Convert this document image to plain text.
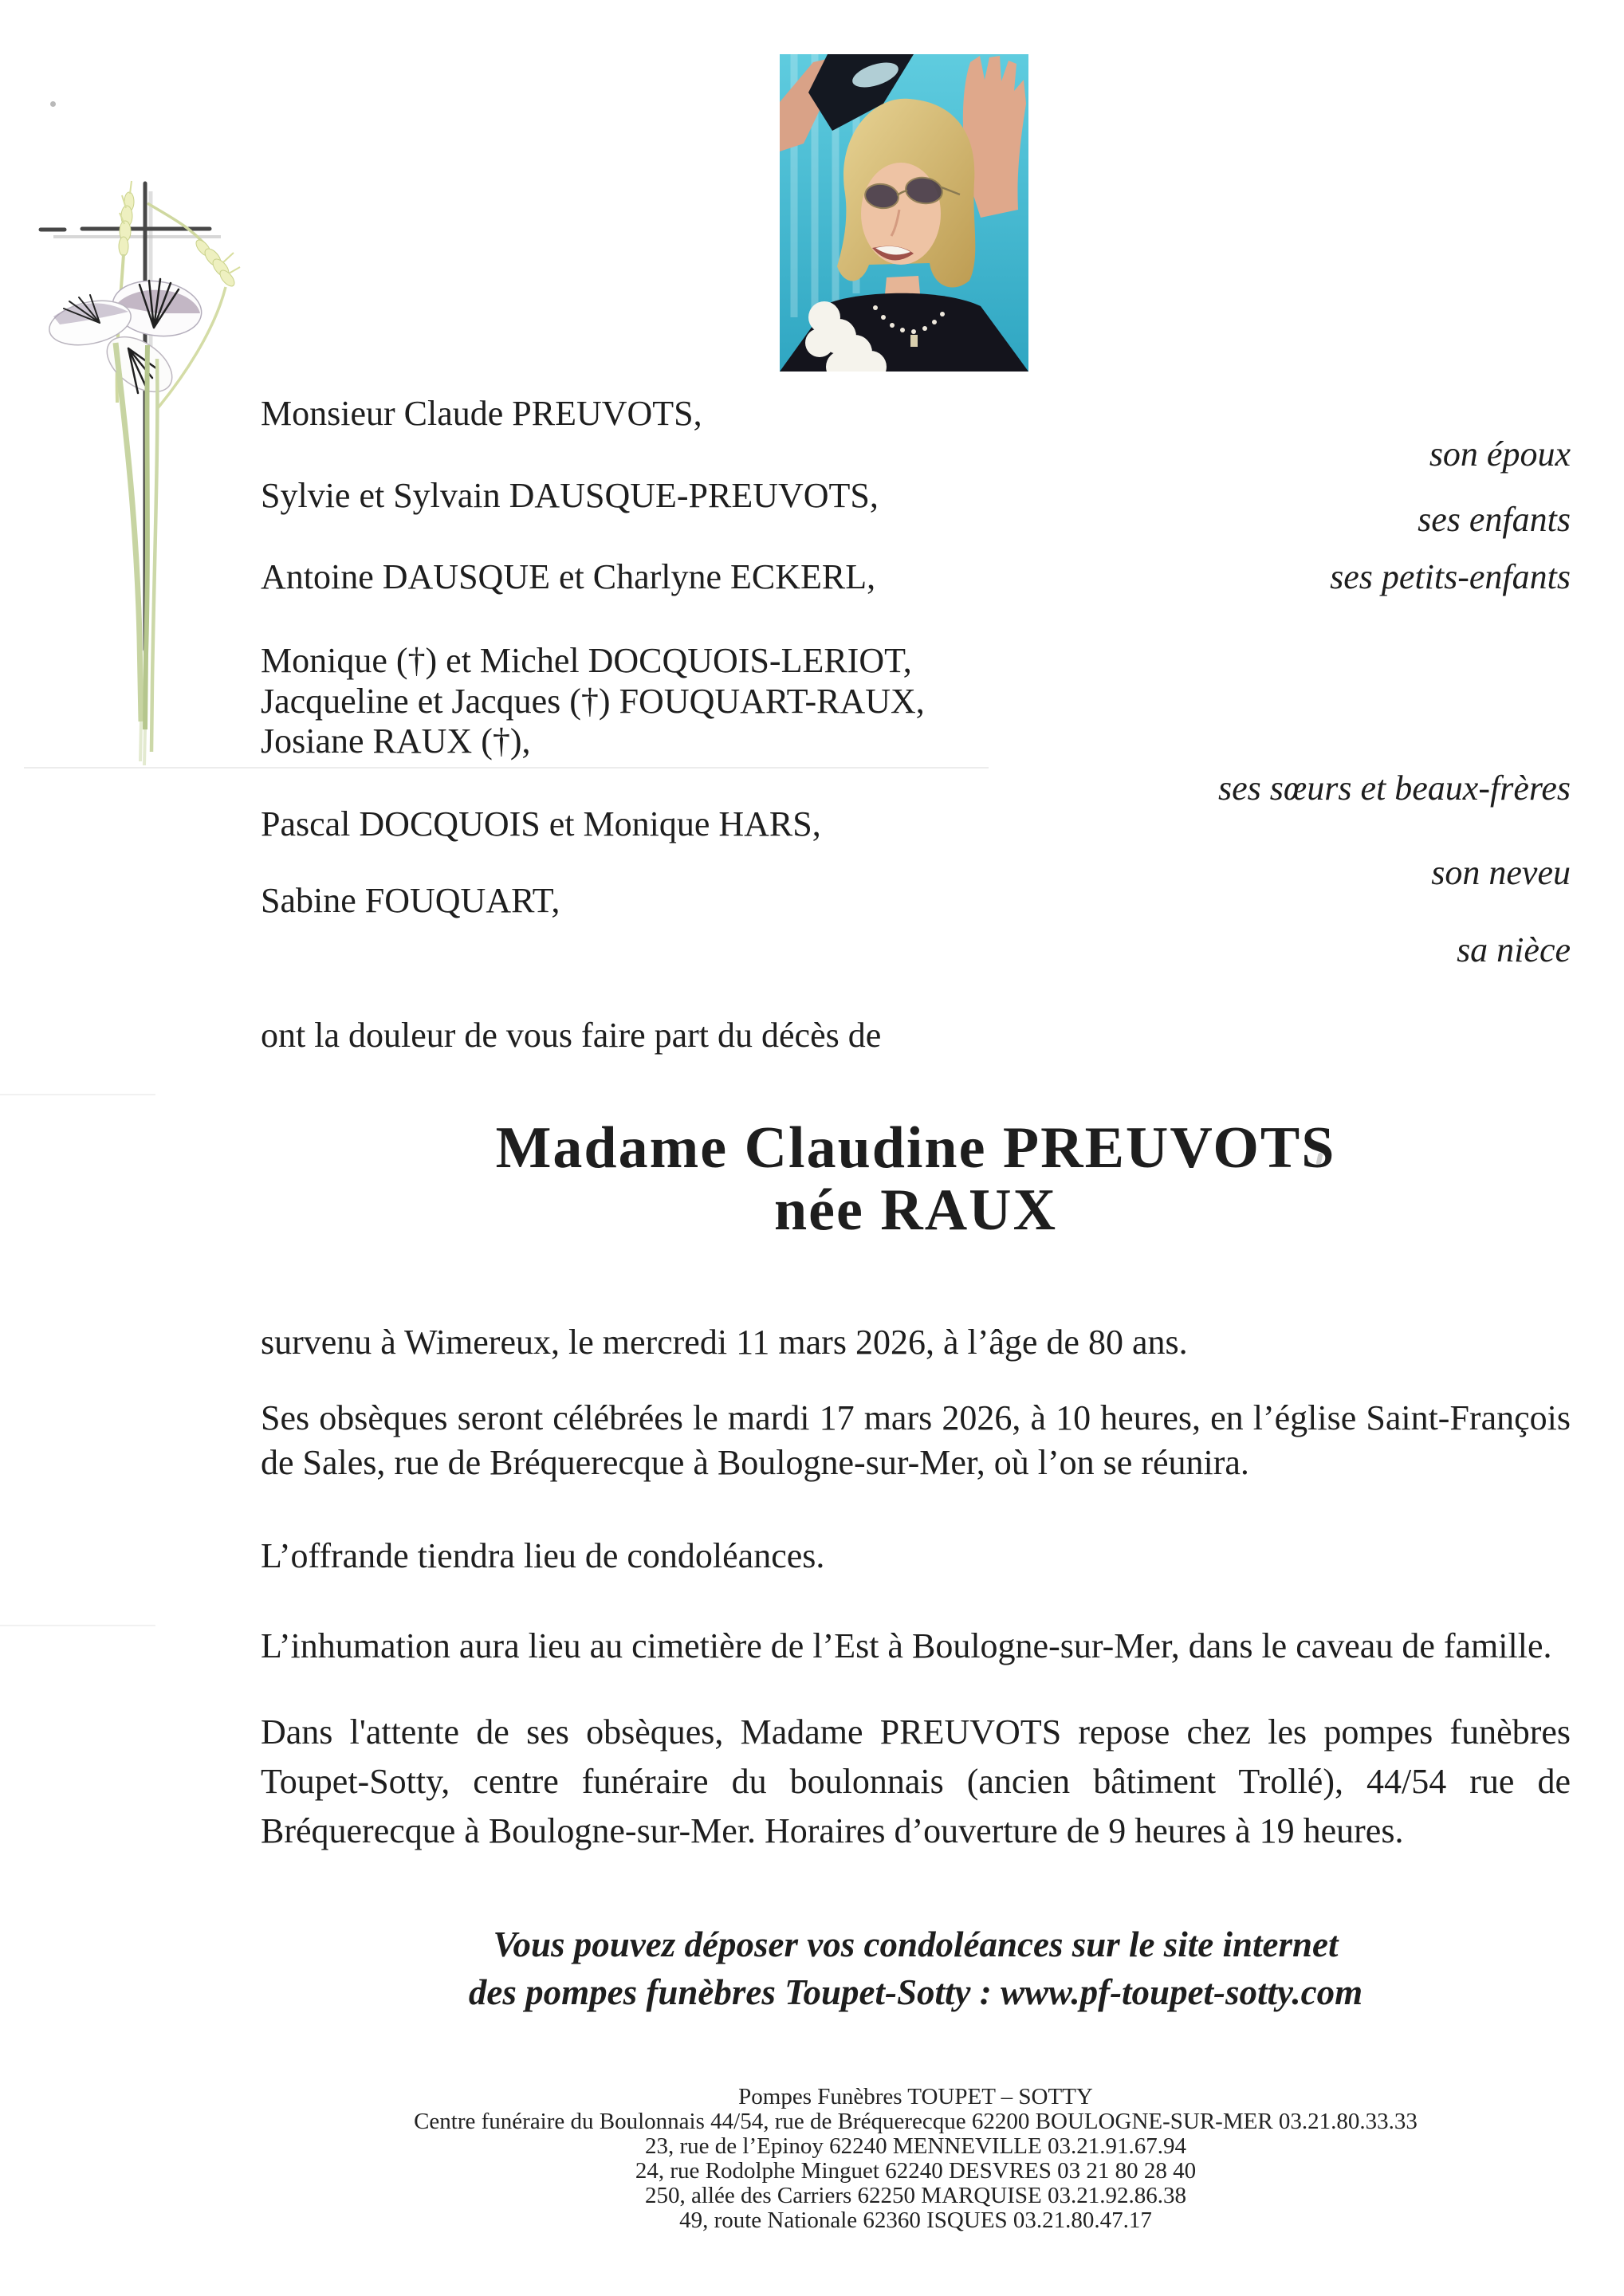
Monsieur Claude PREUVOTS,
Sylvie et Sylvain DAUSQUE-PREUVOTS,
Antoine DAUSQUE et Charlyne ECKERL,
Monique (†) et Michel DOCQUOIS-LERIOT,
Jacqueline et Jacques (†) FOUQUART-RAUX,
Josiane RAUX (†),
Pascal DOCQUOIS et Monique HARS,
Sabine FOUQUART,
son époux
ses enfants
ses petits-enfants
ses sœurs et beaux-frères
son neveu
sa nièce
ont la douleur de vous faire part du décès de
Madame Claudine PREUVOTS
née RAUX
survenu à Wimereux, le mercredi 11 mars 2026, à l’âge de 80 ans.
Ses obsèques seront célébrées le mardi 17 mars 2026, à 10 heures, en l’église Saint-François de Sales, rue de Bréquerecque à Boulogne-sur-Mer, où l’on se réunira.
L’offrande tiendra lieu de condoléances.
L’inhumation aura lieu au cimetière de l’Est à Boulogne-sur-Mer, dans le caveau de famille.
Dans l'attente de ses obsèques, Madame PREUVOTS repose chez les pompes funèbres Toupet-Sotty, centre funéraire du boulonnais (ancien bâtiment Trollé), 44/54 rue de Bréquerecque à Boulogne-sur-Mer. Horaires d’ouverture de 9 heures à 19 heures.
Vous pouvez déposer vos condoléances sur le site internet
des pompes funèbres Toupet-Sotty : www.pf-toupet-sotty.com
Pompes Funèbres TOUPET – SOTTY
Centre funéraire du Boulonnais 44/54, rue de Bréquerecque 62200 BOULOGNE-SUR-MER 03.21.80.33.33
23, rue de l’Epinoy 62240 MENNEVILLE 03.21.91.67.94
24, rue Rodolphe Minguet 62240 DESVRES 03 21 80 28 40
250, allée des Carriers 62250 MARQUISE 03.21.92.86.38
49, route Nationale 62360 ISQUES 03.21.80.47.17
